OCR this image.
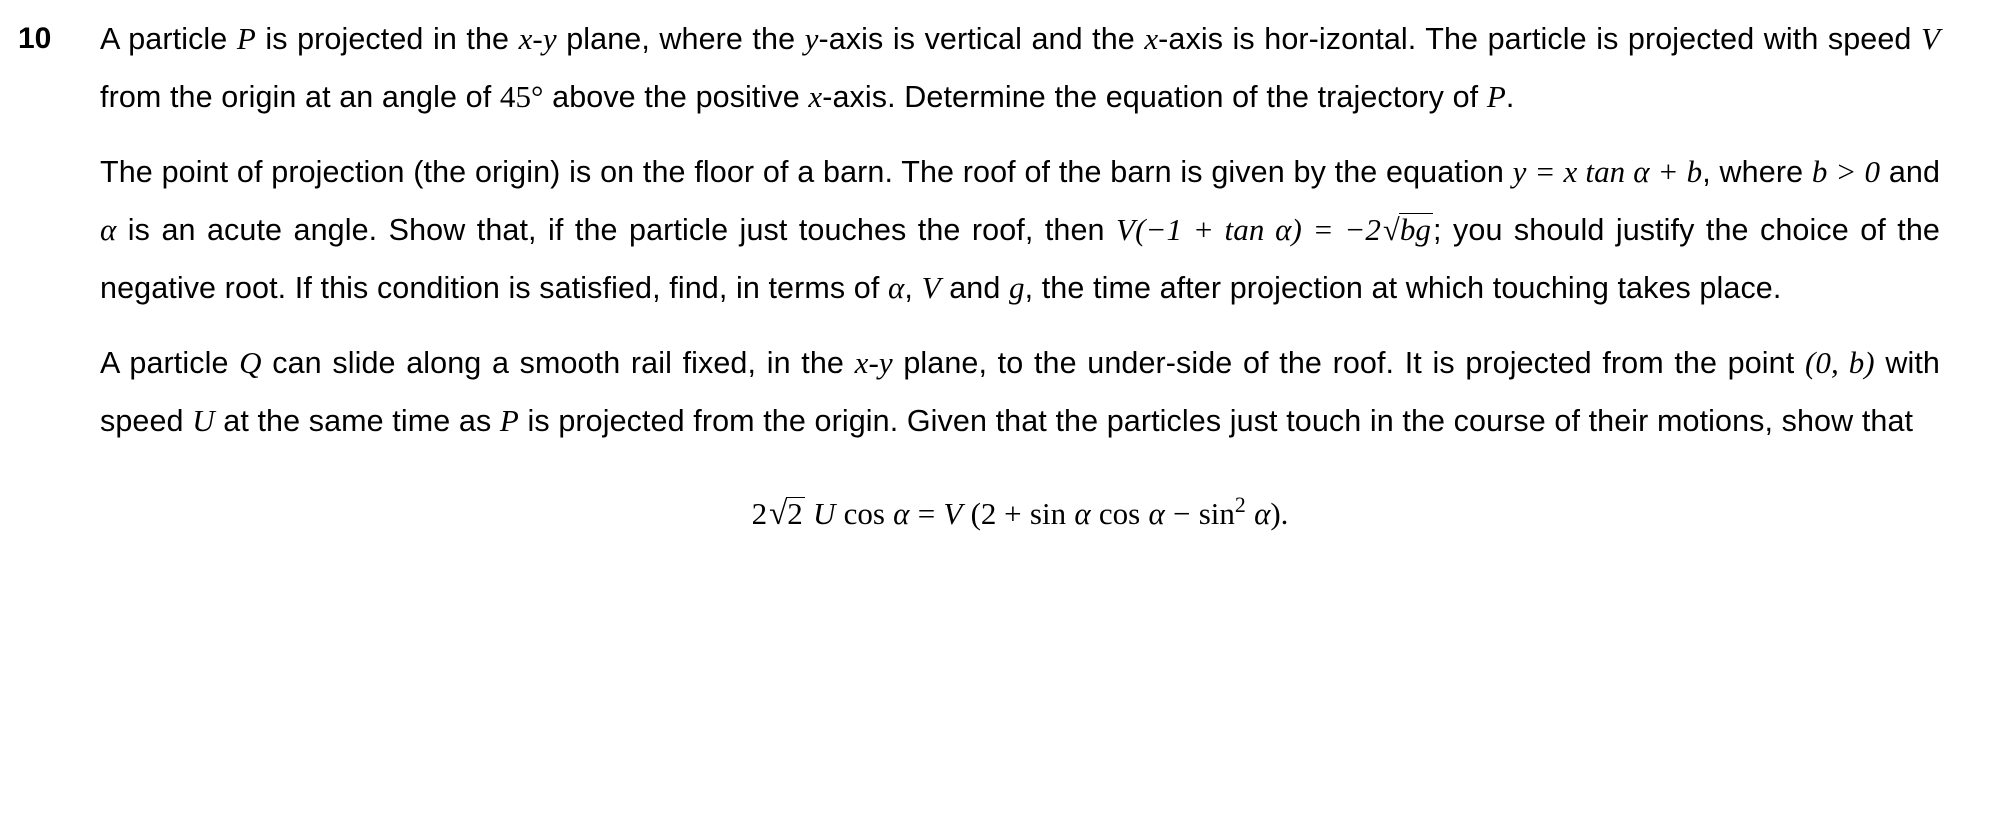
10	A particle P is projected in the x-y plane, where the y-axis is vertical and the x-axis is hor-izontal. The particle is projected with speed V from the origin at an angle of 45° above the positive x-axis. Determine the equation of the trajectory of P.

The point of projection (the origin) is on the floor of a barn. The roof of the barn is given by the equation y = x tan α + b, where b > 0 and α is an acute angle. Show that, if the particle just touches the roof, then V(−1 + tan α) = −2√bg; you should justify the choice of the negative root. If this condition is satisfied, find, in terms of α, V and g, the time after projection at which touching takes place.

A particle Q can slide along a smooth rail fixed, in the x-y plane, to the under-side of the roof. It is projected from the point (0, b) with speed U at the same time as P is projected from the origin. Given that the particles just touch in the course of their motions, show that

2√2 U cos α = V (2 + sin α $\cos \alpha - \sin^2 \alpha$).
